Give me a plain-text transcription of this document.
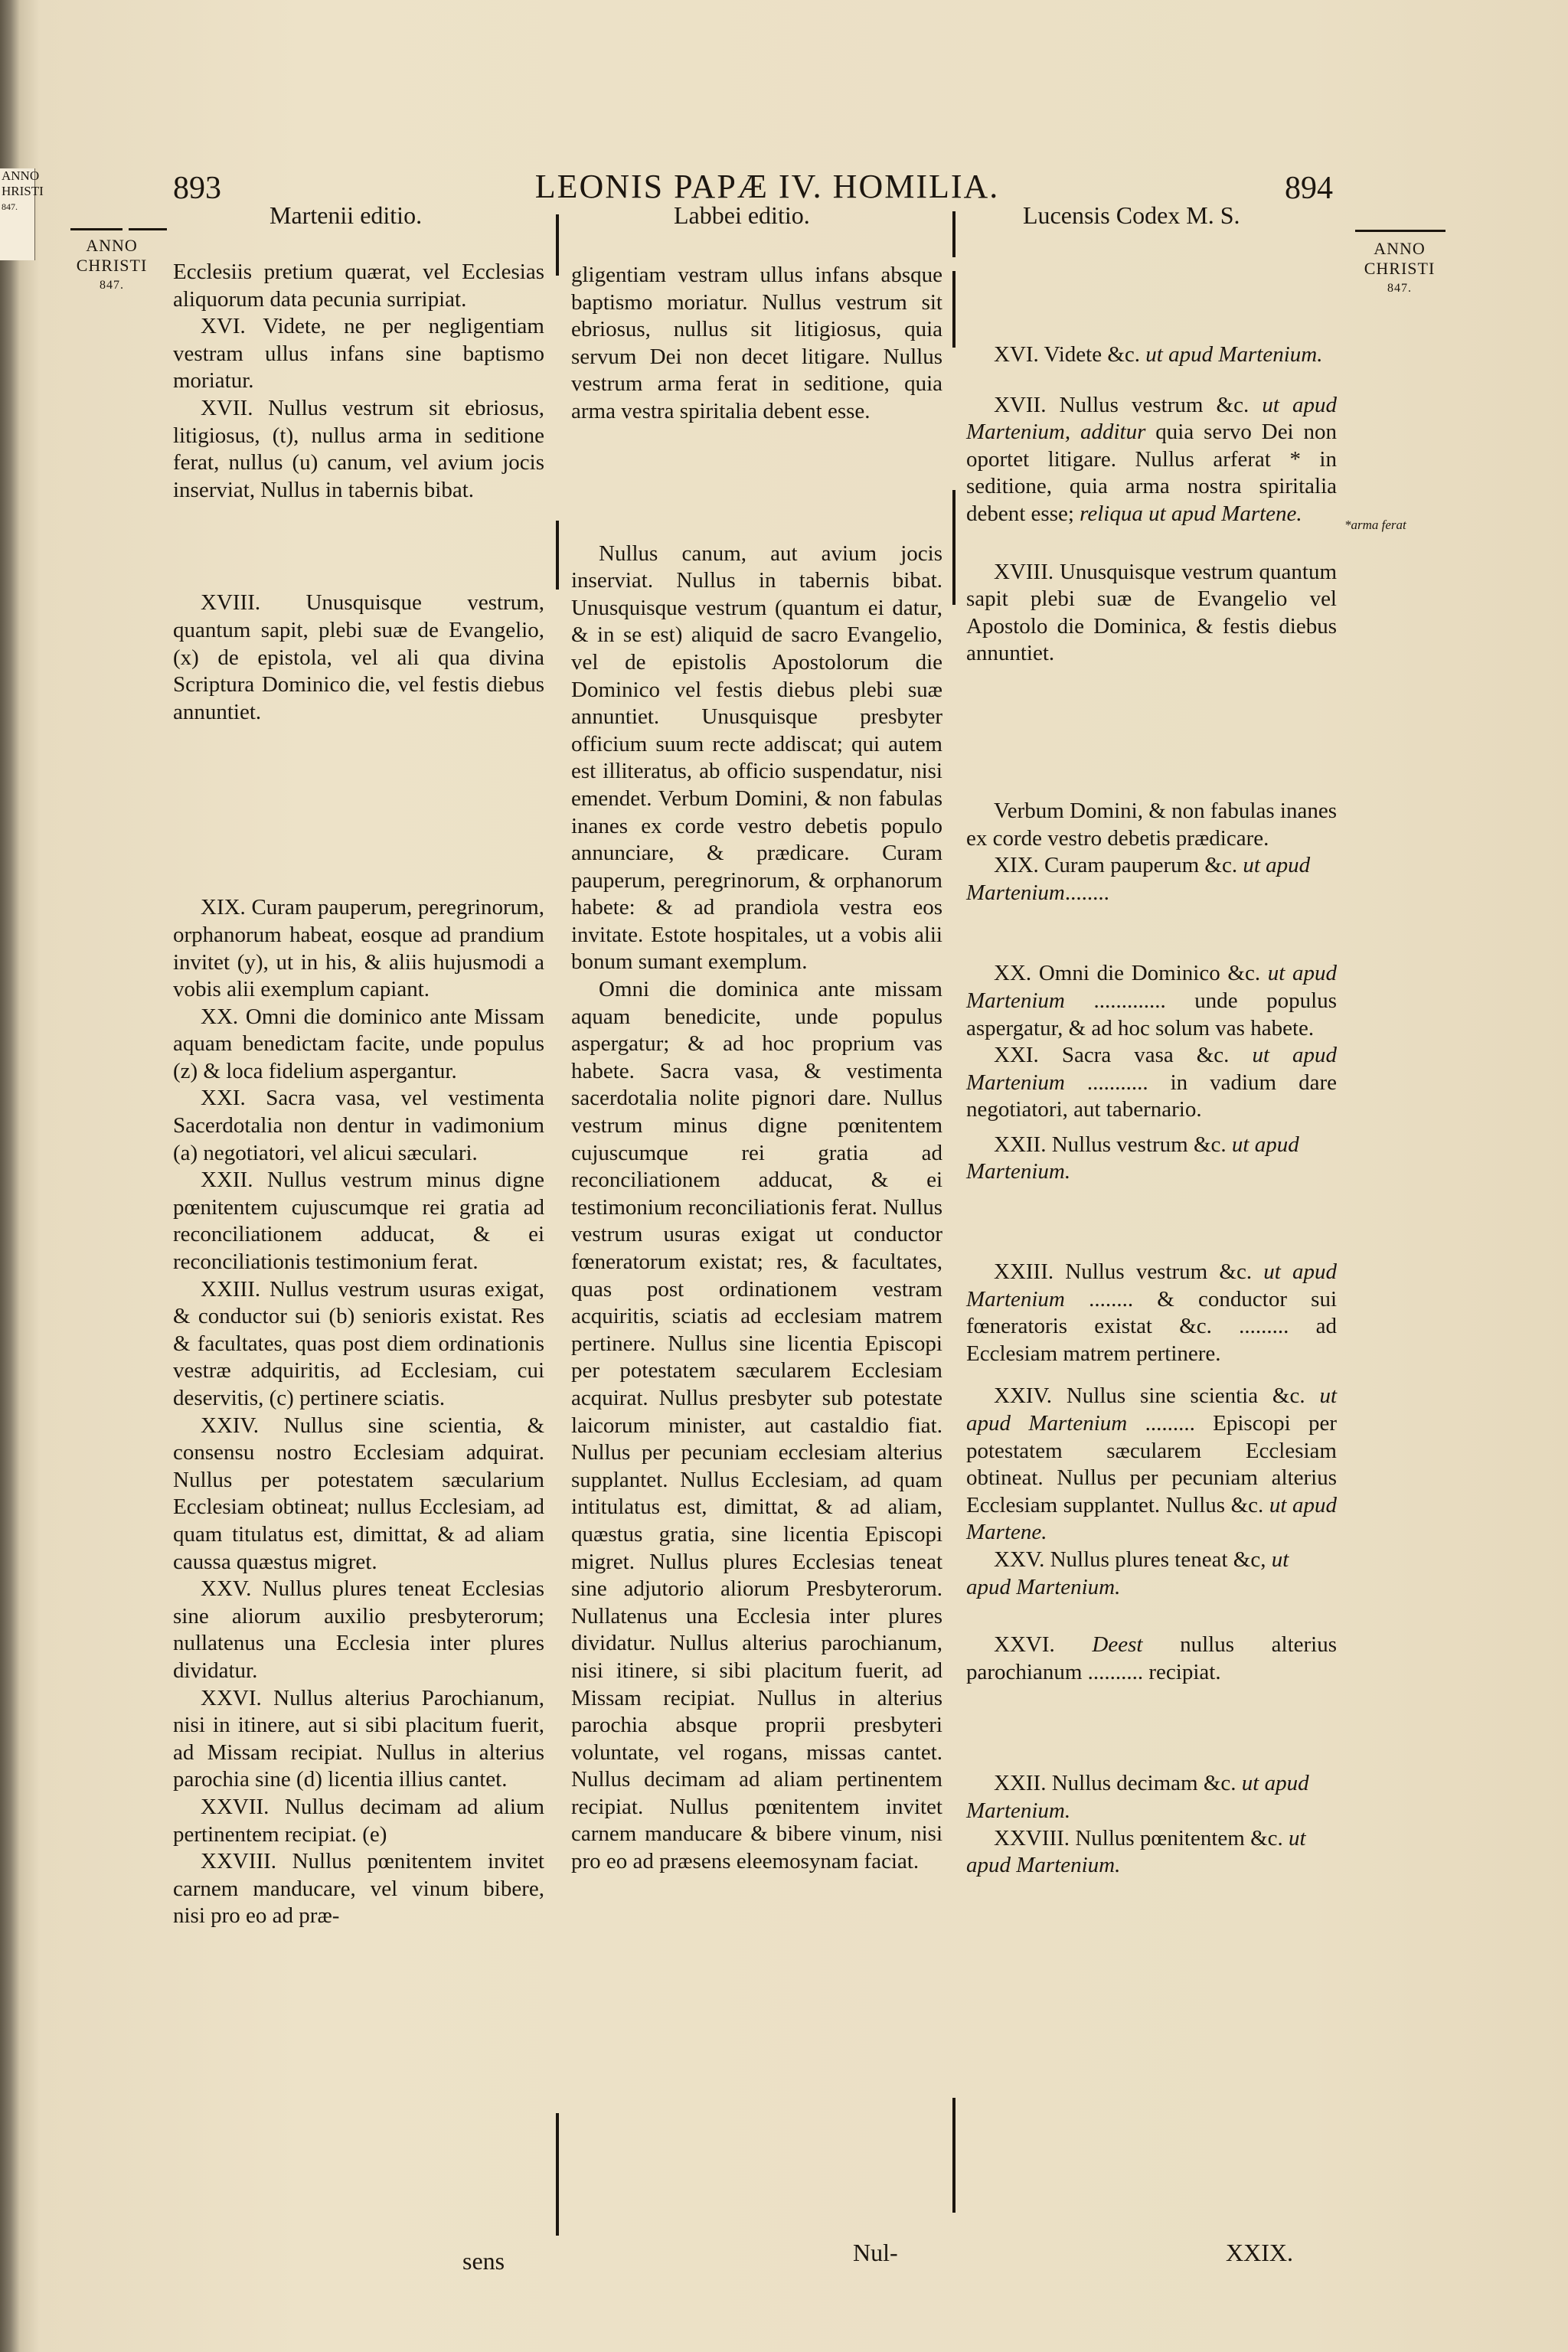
ANNO
HRISTI
847.
893	LEONIS PAPÆ IV. HOMILIA.	894
Martenii editio.	Labbei editio.	Lucensis Codex M. S.
ANNO
CHRISTI
847.
ANNO
CHRISTI
847.

Ecclesiis pretium quærat, vel Ecclesias aliquorum data pecunia surripiat.

XVI. Videte, ne per negligentiam vestram ullus infans sine baptismo moriatur.

XVII. Nullus vestrum sit ebriosus, litigiosus, (t), nullus arma in seditione ferat, nullus (u) canum, vel avium jocis inserviat, Nullus in tabernis bibat.

XVIII. Unusquisque vestrum, quantum sapit, plebi suæ de Evangelio, (x) de epistola, vel ali qua divina Scriptura Dominico die, vel festis diebus annuntiet.

XIX. Curam pauperum, peregrinorum, orphanorum habeat, eosque ad prandium invitet (y), ut in his, & aliis hujusmodi a vobis alii exemplum capiant.

XX. Omni die dominico ante Missam aquam benedictam facite, unde populus (z) & loca fidelium aspergantur.

XXI. Sacra vasa, vel vestimenta Sacerdotalia non dentur in vadimonium (a) negotiatori, vel alicui sæculari.

XXII. Nullus vestrum minus digne pœnitentem cujuscumque rei gratia ad reconciliationem adducat, & ei reconciliationis testimonium ferat.

XXIII. Nullus vestrum usuras exigat, & conductor sui (b) senioris existat. Res & facultates, quas post diem ordinationis vestræ adquiritis, ad Ecclesiam, cui deservitis, (c) pertinere sciatis.

XXIV. Nullus sine scientia, & consensu nostro Ecclesiam adquirat. Nullus per potestatem sæcularium Ecclesiam obtineat; nullus Ecclesiam, ad quam titulatus est, dimittat, & ad aliam caussa quæstus migret.

XXV. Nullus plures teneat Ecclesias sine aliorum auxilio presbyterorum; nullatenus una Ecclesia inter plures dividatur.

XXVI. Nullus alterius Parochianum, nisi in itinere, aut si sibi placitum fuerit, ad Missam recipiat. Nullus in alterius parochia sine (d) licentia illius cantet.

XXVII. Nullus decimam ad alium pertinentem recipiat. (e)

XXVIII. Nullus pœnitentem invitet carnem manducare, vel vinum bibere, nisi pro eo ad præ-

gligentiam vestram ullus infans absque baptismo moriatur. Nullus vestrum sit ebriosus, nullus sit litigiosus, quia servum Dei non decet litigare. Nullus vestrum arma ferat in seditione, quia arma vestra spiritalia debent esse.

Nullus canum, aut avium jocis inserviat. Nullus in tabernis bibat. Unusquisque vestrum (quantum ei datur, & in se est) aliquid de sacro Evangelio, vel de epistolis Apostolorum die Dominico vel festis diebus plebi suæ annuntiet. Unusquisque presbyter officium suum recte addiscat; qui autem est illiteratus, ab officio suspendatur, nisi emendet. Verbum Domini, & non fabulas inanes ex corde vestro debetis populo annunciare, & prædicare. Curam pauperum, peregrinorum, & orphanorum habete: & ad prandiola vestra eos invitate. Estote hospitales, ut a vobis alii bonum sumant exemplum.

Omni die dominica ante missam aquam benedicite, unde populus aspergatur; & ad hoc proprium vas habete. Sacra vasa, & vestimenta sacerdotalia nolite pignori dare. Nullus vestrum minus digne pœnitentem cujuscumque rei gratia ad reconciliationem adducat, & ei testimonium reconciliationis ferat. Nullus vestrum usuras exigat ut conductor fœneratorum existat; res, & facultates, quas post ordinationem vestram acquiritis, sciatis ad ecclesiam matrem pertinere. Nullus sine licentia Episcopi per potestatem sæcularem Ecclesiam acquirat. Nullus presbyter sub potestate laicorum minister, aut castaldio fiat. Nullus per pecuniam ecclesiam alterius supplantet. Nullus Ecclesiam, ad quam intitulatus est, dimittat, & ad aliam, quæstus gratia, sine licentia Episcopi migret. Nullus plures Ecclesias teneat sine adjutorio aliorum Presbyterorum. Nullatenus una Ecclesia inter plures dividatur. Nullus alterius parochianum, nisi itinere, si sibi placitum fuerit, ad Missam recipiat. Nullus in alterius parochia absque proprii presbyteri voluntate, vel rogans, missas cantet. Nullus decimam ad aliam pertinentem recipiat. Nullus pœnitentem invitet carnem manducare & bibere vinum, nisi pro eo ad præsens eleemosynam faciat.

XVI. Videte &c. ut apud Martenium.

XVII. Nullus vestrum &c. ut apud Martenium, additur quia servo Dei non oportet litigare. Nullus arferat * in seditione, quia arma nostra spiritalia debent esse; reliqua ut apud Martene.

XVIII. Unusquisque vestrum quantum sapit plebi suæ de Evangelio vel Apostolo die Dominica, & festis diebus annuntiet.

Verbum Domini, & non fabulas inanes ex corde vestro debetis prædicare.

XIX. Curam pauperum &c. ut apud Martenium........

XX. Omni die Dominico &c. ut apud Martenium ............. unde populus aspergatur, & ad hoc solum vas habete.

XXI. Sacra vasa &c. ut apud Martenium ........... in vadium dare negotiatori, aut tabernario.

XXII. Nullus vestrum &c. ut apud Martenium.

XXIII. Nullus vestrum &c. ut apud Martenium ........ & conductor sui fœneratoris existat &c. ......... ad Ecclesiam matrem pertinere.

XXIV. Nullus sine scientia &c. ut apud Martenium ......... Episcopi per potestatem sæcularem Ecclesiam obtineat. Nullus per pecuniam alterius Ecclesiam supplantet. Nullus &c. ut apud Martene.

XXV. Nullus plures teneat &c, ut apud Martenium.

XXVI. Deest nullus alterius parochianum .......... recipiat.

XXII. Nullus decimam &c. ut apud Martenium.

XXVIII. Nullus pœnitentem &c. ut apud Martenium.

*arma ferat
sens	Nul-	XXIX.
